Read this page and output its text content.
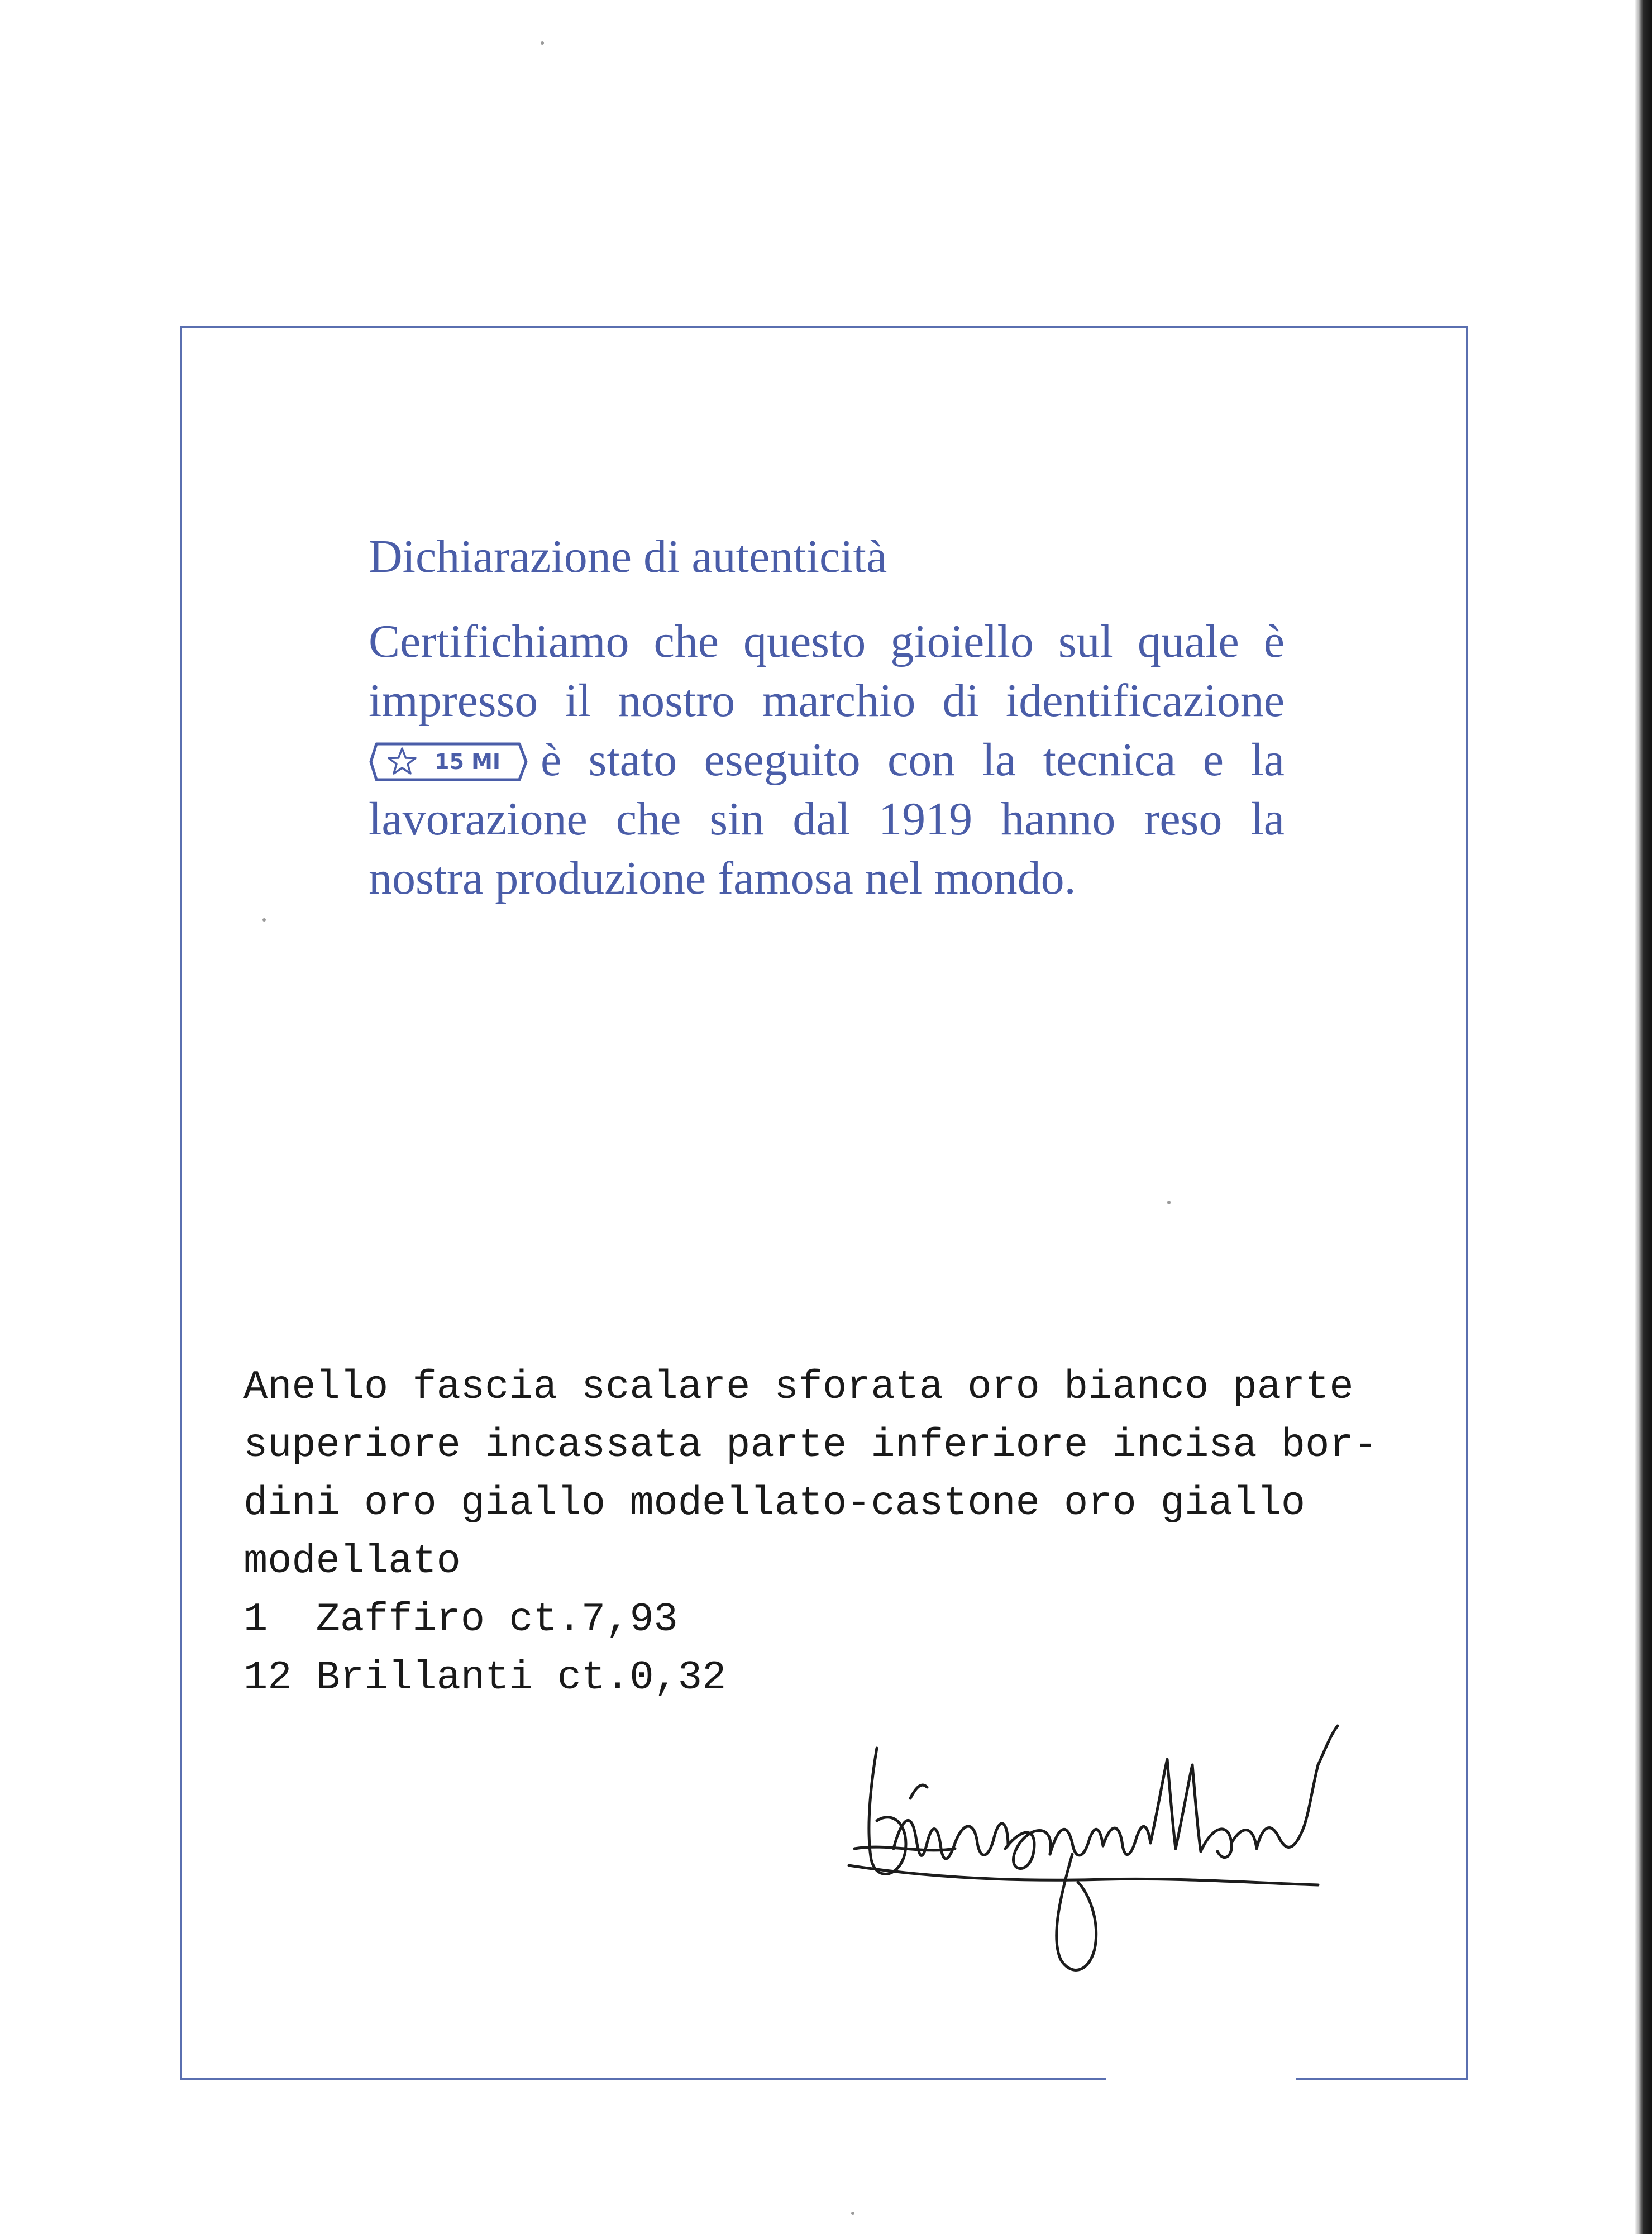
Dichiarazione di autenticità
Certifichiamo che questo gioiello sul quale è
impresso il nostro marchio di identificazione
15 MI è stato eseguito con la tecnica e la
lavorazione che sin dal 1919 hanno reso la
nostra produzione famosa nel mondo.
Anello fascia scalare sforata oro bianco parte
superiore incassata parte inferiore incisa bor-
dini oro giallo modellato-castone oro giallo
modellato
1 Zaffiro ct.7,93
12 Brillanti ct.0,32
